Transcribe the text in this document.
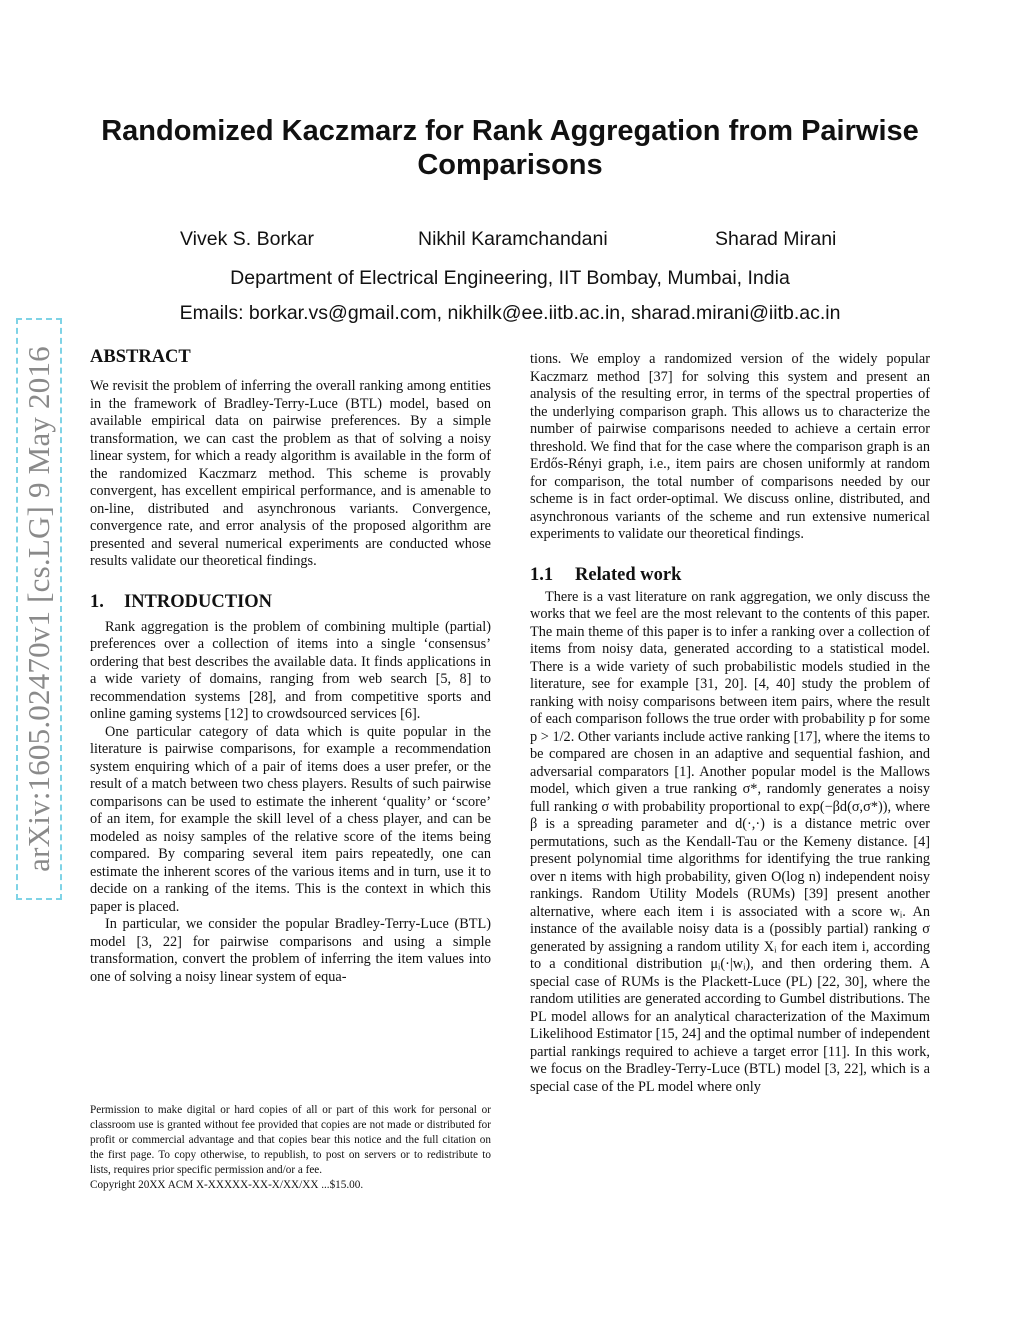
arXiv:1605.02470v1 [cs.LG] 9 May 2016
Randomized Kaczmarz for Rank Aggregation from Pairwise Comparisons
Vivek S. Borkar	Nikhil Karamchandani	Sharad Mirani
Department of Electrical Engineering, IIT Bombay, Mumbai, India
Emails: borkar.vs@gmail.com, nikhilk@ee.iitb.ac.in, sharad.mirani@iitb.ac.in
ABSTRACT

We revisit the problem of inferring the overall ranking among entities in the framework of Bradley-Terry-Luce (BTL) model, based on available empirical data on pairwise preferences. By a simple transformation, we can cast the problem as that of solving a noisy linear system, for which a ready algorithm is available in the form of the randomized Kaczmarz method. This scheme is provably convergent, has excellent empirical performance, and is amenable to on-line, distributed and asynchronous variants. Convergence, convergence rate, and error analysis of the proposed algorithm are presented and several numerical experiments are conducted whose results validate our theoretical findings.

1. INTRODUCTION

Rank aggregation is the problem of combining multiple (partial) preferences over a collection of items into a single ‘consensus’ ordering that best describes the available data. It finds applications in a wide variety of domains, ranging from web search [5, 8] to recommendation systems [28], and from competitive sports and online gaming systems [12] to crowdsourced services [6].

One particular category of data which is quite popular in the literature is pairwise comparisons, for example a recommendation system enquiring which of a pair of items does a user prefer, or the result of a match between two chess players. Results of such pairwise comparisons can be used to estimate the inherent ‘quality’ or ‘score’ of an item, for example the skill level of a chess player, and can be modeled as noisy samples of the relative score of the items being compared. By comparing several item pairs repeatedly, one can estimate the inherent scores of the various items and in turn, use it to decide on a ranking of the items. This is the context in which this paper is placed.

In particular, we consider the popular Bradley-Terry-Luce (BTL) model [3, 22] for pairwise comparisons and using a simple transformation, convert the problem of inferring the item values into one of solving a noisy linear system of equa-

Permission to make digital or hard copies of all or part of this work for personal or classroom use is granted without fee provided that copies are not made or distributed for profit or commercial advantage and that copies bear this notice and the full citation on the first page. To copy otherwise, to republish, to post on servers or to redistribute to lists, requires prior specific permission and/or a fee.

Copyright 20XX ACM X-XXXXX-XX-X/XX/XX ...$15.00.

tions. We employ a randomized version of the widely popular Kaczmarz method [37] for solving this system and present an analysis of the resulting error, in terms of the spectral properties of the underlying comparison graph. This allows us to characterize the number of pairwise comparisons needed to achieve a certain error threshold. We find that for the case where the comparison graph is an Erdős-Rényi graph, i.e., item pairs are chosen uniformly at random for comparison, the total number of comparisons needed by our scheme is in fact order-optimal. We discuss online, distributed, and asynchronous variants of the scheme and run extensive numerical experiments to validate our theoretical findings.

1.1 Related work

There is a vast literature on rank aggregation, we only discuss the works that we feel are the most relevant to the contents of this paper. The main theme of this paper is to infer a ranking over a collection of items from noisy data, generated according to a statistical model. There is a wide variety of such probabilistic models studied in the literature, see for example [31, 20]. [4, 40] study the problem of ranking with noisy comparisons between item pairs, where the result of each comparison follows the true order with probability p for some p > 1/2. Other variants include active ranking [17], where the items to be compared are chosen in an adaptive and sequential fashion, and adversarial comparators [1]. Another popular model is the Mallows model, which given a true ranking σ*, randomly generates a noisy full ranking σ with probability proportional to exp(−βd(σ,σ*)), where β is a spreading parameter and d(·,·) is a distance metric over permutations, such as the Kendall-Tau or the Kemeny distance. [4] present polynomial time algorithms for identifying the true ranking over n items with high probability, given O(log n) independent noisy rankings. Random Utility Models (RUMs) [39] present another alternative, where each item i is associated with a score wᵢ. An instance of the available noisy data is a (possibly partial) ranking σ generated by assigning a random utility Xᵢ for each item i, according to a conditional distribution μᵢ(·|wᵢ), and then ordering them. A special case of RUMs is the Plackett-Luce (PL) [22, 30], where the random utilities are generated according to Gumbel distributions. The PL model allows for an analytical characterization of the Maximum Likelihood Estimator [15, 24] and the optimal number of independent partial rankings required to achieve a target error [11]. In this work, we focus on the Bradley-Terry-Luce (BTL) model [3, 22], which is a special case of the PL model where only
